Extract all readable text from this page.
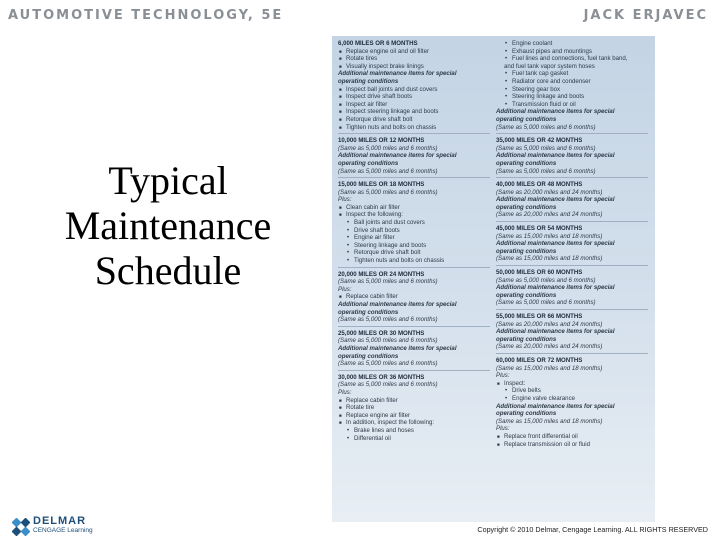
AUTOMOTIVE TECHNOLOGY, 5E	JACK ERJAVEC
Typical
Maintenance
Schedule
6,000 MILES OR 6 MONTHS
■ Replace engine oil and oil filter
■ Rotate tires
■ Visually inspect brake linings
Additional maintenance items for special
operating conditions
■ Inspect ball joints and dust covers
■ Inspect drive shaft boots
■ Inspect air filter
■ Inspect steering linkage and boots
■ Retorque drive shaft bolt
■ Tighten nuts and bolts on chassis
10,000 MILES OR 12 MONTHS
(Same as 5,000 miles and 6 months)
Additional maintenance items for special
operating conditions
(Same as 5,000 miles and 6 months)
15,000 MILES OR 18 MONTHS
(Same as 5,000 miles and 6 months)
Plus:
■ Clean cabin air filter
■ Inspect the following:
• Ball joints and dust covers
• Drive shaft boots
• Engine air filter
• Steering linkage and boots
• Retorque drive shaft bolt
• Tighten nuts and bolts on chassis
20,000 MILES OR 24 MONTHS
(Same as 5,000 miles and 6 months)
Plus:
■ Replace cabin filter
Additional maintenance items for special
operating conditions
(Same as 5,000 miles and 6 months)
25,000 MILES OR 30 MONTHS
(Same as 5,000 miles and 6 months)
Additional maintenance items for special
operating conditions
(Same as 5,000 miles and 6 months)
30,000 MILES OR 36 MONTHS
(Same as 5,000 miles and 6 months)
Plus:
■ Replace cabin filter
■ Rotate tire
■ Replace engine air filter
■ In addition, inspect the following:
• Brake lines and hoses
• Differential oil
• Engine coolant
• Exhaust pipes and mountings
• Fuel lines and connections, fuel tank band,
and fuel tank vapor system hoses
• Fuel tank cap gasket
• Radiator core and condenser
• Steering gear box
• Steering linkage and boots
• Transmission fluid or oil
Additional maintenance items for special
operating conditions
(Same as 5,000 miles and 6 months)
35,000 MILES OR 42 MONTHS
(Same as 5,000 miles and 6 months)
Additional maintenance items for special
operating conditions
(Same as 5,000 miles and 6 months)
40,000 MILES OR 48 MONTHS
(Same as 20,000 miles and 24 months)
Additional maintenance items for special
operating conditions
(Same as 20,000 miles and 24 months)
45,000 MILES OR 54 MONTHS
(Same as 15,000 miles and 18 months)
Additional maintenance items for special
operating conditions
(Same as 15,000 miles and 18 months)
50,000 MILES OR 60 MONTHS
(Same as 5,000 miles and 6 months)
Additional maintenance items for special
operating conditions
(Same as 5,000 miles and 6 months)
55,000 MILES OR 66 MONTHS
(Same as 20,000 miles and 24 months)
Additional maintenance items for special
operating conditions
(Same as 20,000 miles and 24 months)
60,000 MILES OR 72 MONTHS
(Same as 15,000 miles and 18 months)
Plus:
■ Inspect:
• Drive belts
• Engine valve clearance
Additional maintenance items for special
operating conditions
(Same as 15,000 miles and 18 months)
Plus:
■ Replace front differential oil
■ Replace transmission oil or fluid
DELMAR
CENGAGE Learning	Copyright © 2010 Delmar, Cengage Learning. ALL RIGHTS RESERVED
